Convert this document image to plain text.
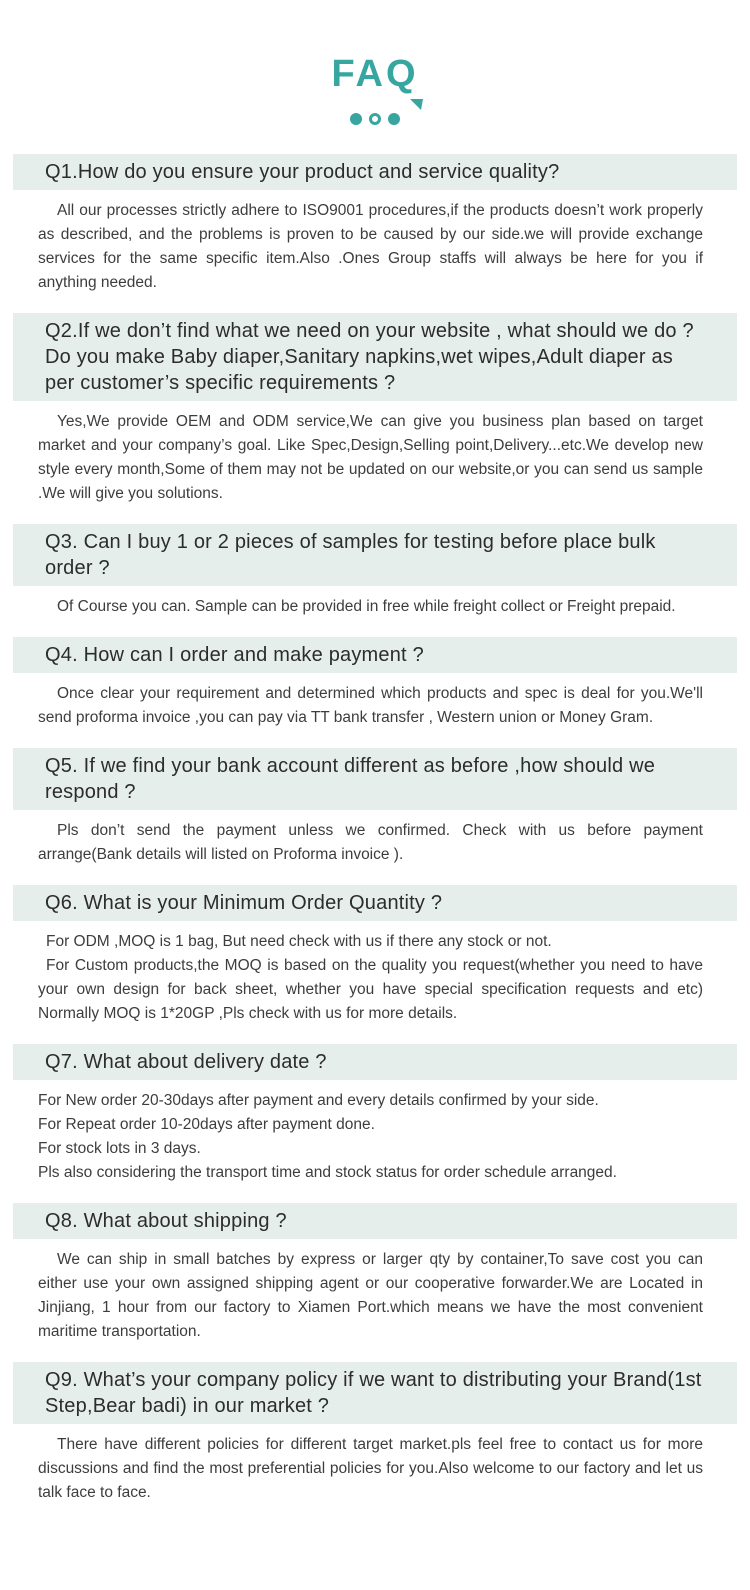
FAQ
Q1.How do you ensure your product and service quality?

All our processes strictly adhere to ISO9001 procedures,if the products doesn’t work properly as described, and the problems is proven to be caused by our side.we will provide exchange services for the same specific item.Also .Ones Group staffs will always be here for you if anything needed.

Q2.If we don’t find what we need on your website , what should we do ? Do you make Baby diaper,Sanitary napkins,wet wipes,Adult diaper as per customer’s specific requirements ?

Yes,We provide OEM and ODM service,We can give you business plan based on target market and your company’s goal. Like Spec,Design,Selling point,Delivery...etc.We develop new style every month,Some of them may not be updated on our website,or you can send us sample .We will give you solutions.

Q3. Can I buy 1 or 2 pieces of samples for testing before place bulk order ?

Of Course you can. Sample can be provided in free while freight collect or Freight prepaid.

Q4. How can I order and make payment ?

Once clear your requirement and determined which products and spec is deal for you.We'll send proforma invoice ,you can pay via TT bank transfer , Western union or Money Gram.

Q5. If we find your bank account different as before ,how should we respond ?

Pls don’t send the payment unless we confirmed. Check with us before payment arrange(Bank details will listed on Proforma invoice ).

Q6. What is your Minimum Order Quantity ?

For ODM ,MOQ is 1 bag, But need check with us if there any stock or not.

For Custom products,the MOQ is based on the quality you request(whether you need to have your own design for back sheet, whether you have special specification requests and etc) Normally MOQ is 1*20GP ,Pls check with us for more details.

Q7. What about delivery date ?

For New order 20-30days after payment and every details confirmed by your side.

For Repeat order 10-20days after payment done.

For stock lots in 3 days.

Pls also considering the transport time and stock status for order schedule arranged.

Q8. What about shipping ?

We can ship in small batches by express or larger qty by container,To save cost you can either use your own assigned shipping agent or our cooperative forwarder.We are Located in Jinjiang, 1 hour from our factory to Xiamen Port.which means we have the most convenient maritime transportation.

Q9. What’s your company policy if we want to distributing your Brand(1st Step,Bear badi) in our market ?

There have different policies for different target market.pls feel free to contact us for more discussions and find the most preferential policies for you.Also welcome to our factory and let us talk face to face.
